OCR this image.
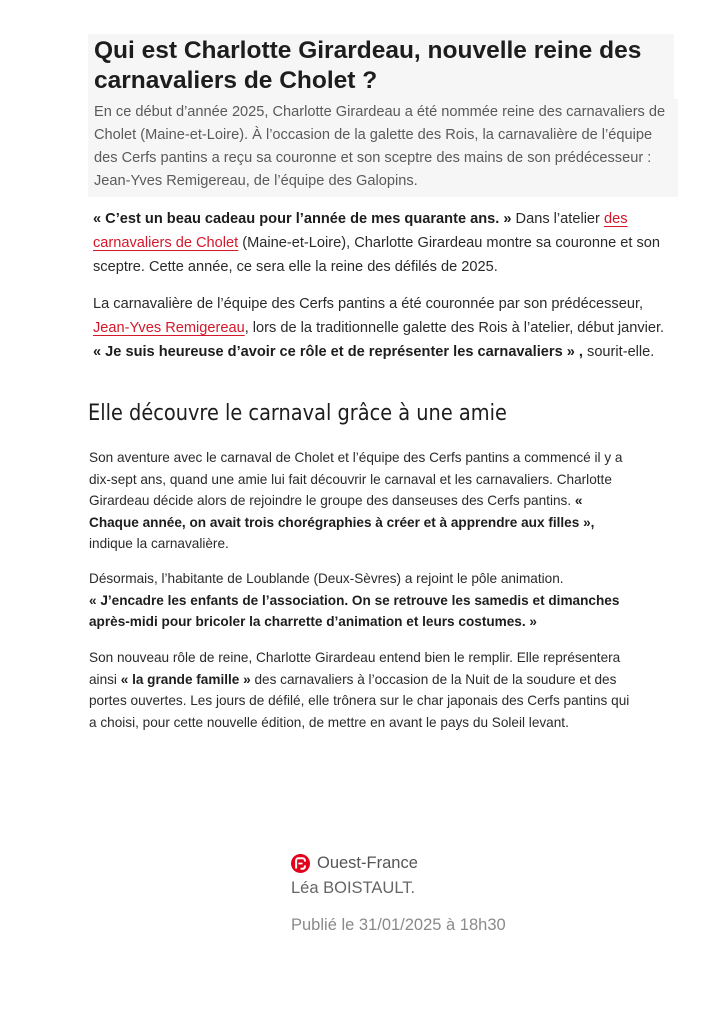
Qui est Charlotte Girardeau, nouvelle reine des carnavaliers de Cholet ?

En ce début d’année 2025, Charlotte Girardeau a été nommée reine des carnavaliers de Cholet (Maine-et-Loire). À l’occasion de la galette des Rois, la carnavalière de l’équipe des Cerfs pantins a reçu sa couronne et son sceptre des mains de son prédécesseur : Jean-Yves Remigereau, de l’équipe des Galopins.

« C’est un beau cadeau pour l’année de mes quarante ans. » Dans l’atelier des carnavaliers de Cholet (Maine-et-Loire), Charlotte Girardeau montre sa couronne et son sceptre. Cette année, ce sera elle la reine des défilés de 2025.

La carnavalière de l’équipe des Cerfs pantins a été couronnée par son prédécesseur, Jean-Yves Remigereau, lors de la traditionnelle galette des Rois à l’atelier, début janvier. « Je suis heureuse d’avoir ce rôle et de représenter les carnavaliers » , sourit-elle.

Elle découvre le carnaval grâce à une amie

Son aventure avec le carnaval de Cholet et l’équipe des Cerfs pantins a commencé il y a dix-sept ans, quand une amie lui fait découvrir le carnaval et les carnavaliers. Charlotte Girardeau décide alors de rejoindre le groupe des danseuses des Cerfs pantins. « Chaque année, on avait trois chorégraphies à créer et à apprendre aux filles », indique la carnavalière.

Désormais, l’habitante de Loublande (Deux-Sèvres) a rejoint le pôle animation.
« J’encadre les enfants de l’association. On se retrouve les samedis et dimanches après-midi pour bricoler la charrette d’animation et leurs costumes. »

Son nouveau rôle de reine, Charlotte Girardeau entend bien le remplir. Elle représentera ainsi « la grande famille » des carnavaliers à l’occasion de la Nuit de la soudure et des portes ouvertes. Les jours de défilé, elle trônera sur le char japonais des Cerfs pantins qui a choisi, pour cette nouvelle édition, de mettre en avant le pays du Soleil levant.

Ouest-France
Léa BOISTAULT.
Publié le 31/01/2025 à 18h30
